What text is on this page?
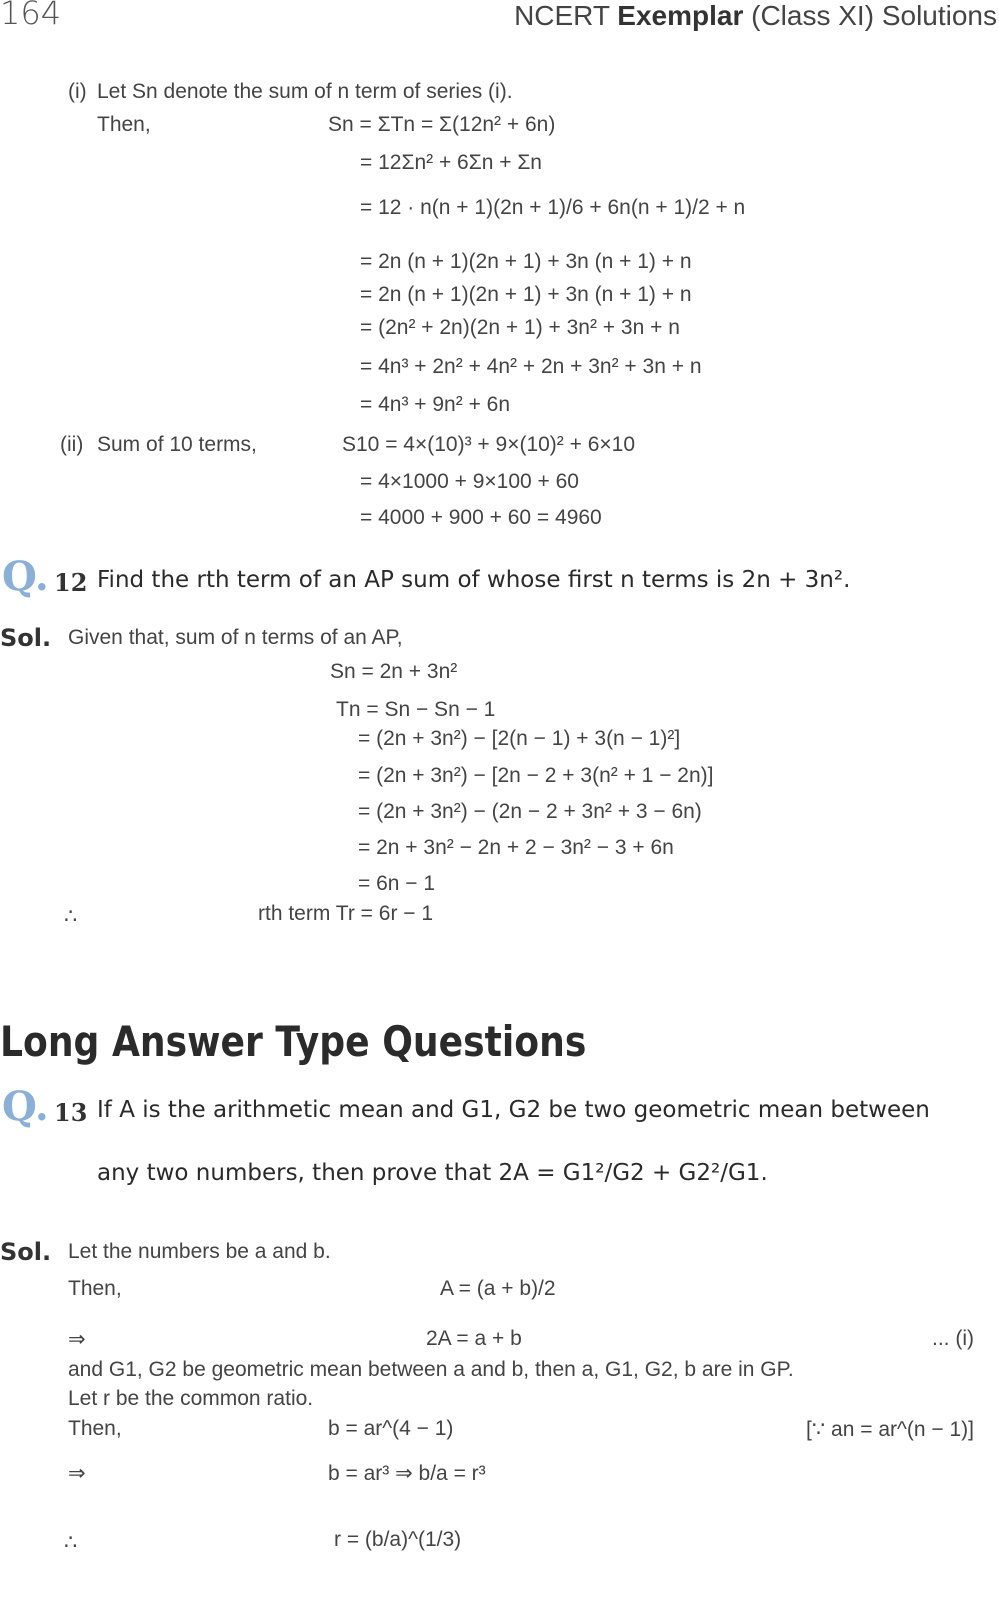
164	NCERT Exemplar (Class XI) Solutions
(i) Let Sn denote the sum of n term of series (i).
Then,	Sn = ΣTn = Σ(12n² + 6n)
= 12Σn² + 6Σn + Σn
= 12 · n(n + 1)(2n + 1)/6 + 6n(n + 1)/2 + n
= 2n (n + 1)(2n + 1) + 3n (n + 1) + n
= 2n (n + 1)(2n + 1) + 3n (n + 1) + n
= (2n² + 2n)(2n + 1) + 3n² + 3n + n
= 4n³ + 2n² + 4n² + 2n + 3n² + 3n + n
= 4n³ + 9n² + 6n
(ii) Sum of 10 terms,	S10 = 4×(10)³ + 9×(10)² + 6×10
= 4×1000 + 9×100 + 60
= 4000 + 900 + 60 = 4960
Q. 12 Find the rth term of an AP sum of whose first n terms is 2n + 3n².
Sol. Given that, sum of n terms of an AP,
Sn = 2n + 3n²
Tn = Sn − Sn − 1
= (2n + 3n²) − [2(n − 1) + 3(n − 1)²]
= (2n + 3n²) − [2n − 2 + 3(n² + 1 − 2n)]
= (2n + 3n²) − (2n − 2 + 3n² + 3 − 6n)
= 2n + 3n² − 2n + 2 − 3n² − 3 + 6n
= 6n − 1
∴	rth term Tr = 6r − 1
Long Answer Type Questions
Q. 13 If A is the arithmetic mean and G1, G2 be two geometric mean between
any two numbers, then prove that 2A = G1²/G2 + G2²/G1.
Sol. Let the numbers be a and b.
Then,	A = (a + b)/2
⇒	2A = a + b	... (i)
and G1, G2 be geometric mean between a and b, then a, G1, G2, b are in GP.
Let r be the common ratio.
Then,	b = ar^(4 − 1)	[∵ an = ar^(n − 1)]
⇒	b = ar³ ⇒ b/a = r³
∴	r = (b/a)^(1/3)
